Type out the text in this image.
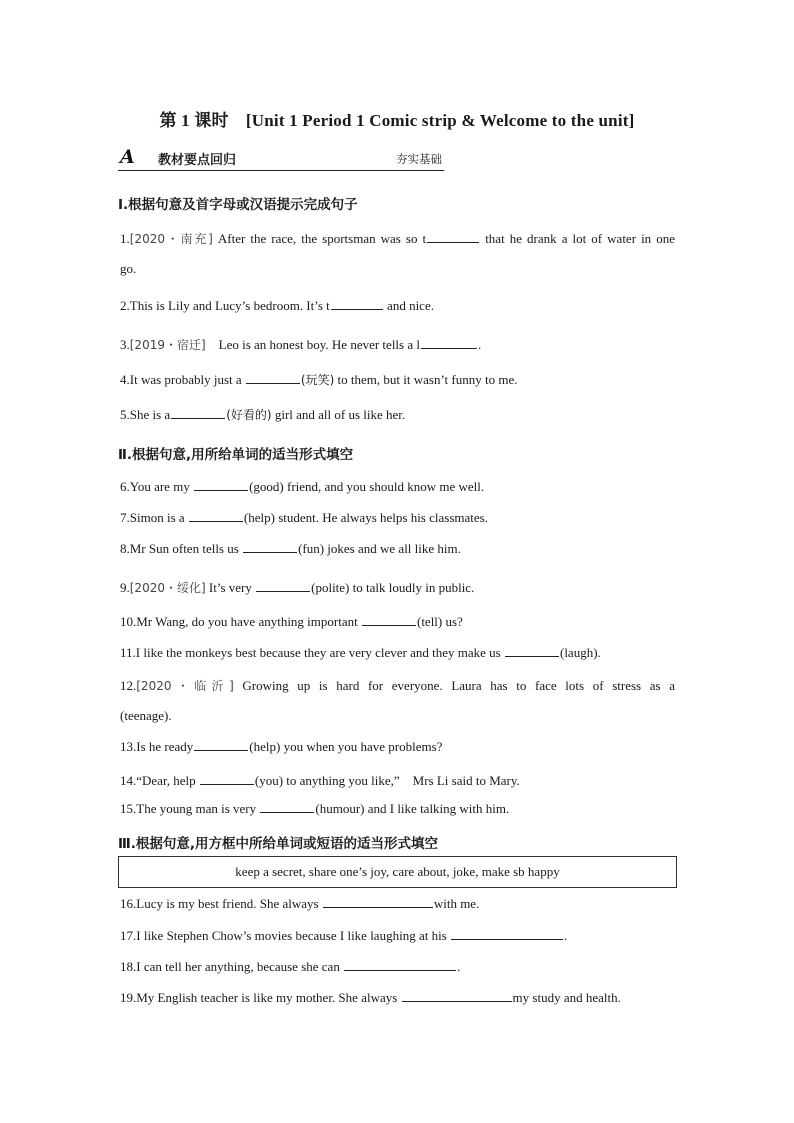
第 1 课时　[Unit 1 Period 1 Comic strip & Welcome to the unit]
A	教材要点回归	夯实基础
Ⅰ.根据句意及首字母或汉语提示完成句子
1.[2020・南充] After the race, the sportsman was so t	that he drank a lot of water in one
go.
2.This is Lily and Lucy’s bedroom. It’s t	and nice.
3.[2019・宿迁]　Leo is an honest boy. He never tells a l	.
4.It was probably just a	(玩笑) to them, but it wasn’t funny to me.
5.She is a	(好看的) girl and all of us like her.
Ⅱ.根据句意,用所给单词的适当形式填空
6.You are my	(good) friend, and you should know me well.
7.Simon is a	(help) student. He always helps his classmates.
8.Mr Sun often tells us	(fun) jokes and we all like him.
9.[2020・绥化] It’s very	(polite) to talk loudly in public.
10.Mr Wang, do you have anything important	(tell) us?
11.I like the monkeys best because they are very clever and they make us	(laugh).
12.[2020・临沂] Growing up is hard for everyone. Laura has to face lots of stress as a
(teenage).
13.Is he ready	(help) you when you have problems?
14.“Dear, help	(you) to anything you like,”　Mrs Li said to Mary.
15.The young man is very	(humour) and I like talking with him.
Ⅲ.根据句意,用方框中所给单词或短语的适当形式填空
keep a secret, share one’s joy, care about, joke, make sb happy
16.Lucy is my best friend. She always	with me.
17.I like Stephen Chow’s movies because I like laughing at his	.
18.I can tell her anything, because she can	.
19.My English teacher is like my mother. She always	my study and health.
